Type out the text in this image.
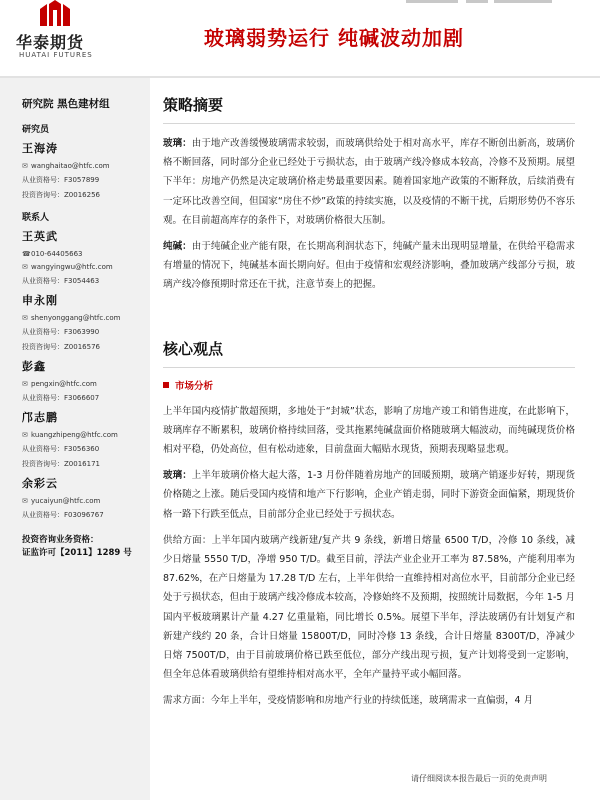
华泰期货
HUATAI FUTURES
玻璃弱势运行 纯碱波动加剧
研究院 黑色建材组
研究员
王海涛
✉ wanghaitao@htfc.com
从业资格号：F3057899
投资咨询号：Z0016256
联系人
王英武
☎ 010-64405663
✉ wangyingwu@htfc.com
从业资格号：F3054463
申永刚
✉ shenyonggang@htfc.com
从业资格号：F3063990
投资咨询号：Z0016576
彭鑫
✉ pengxin@htfc.com
从业资格号：F3066607
邝志鹏
✉ kuangzhipeng@htfc.com
从业资格号：F3056360
投资咨询号：Z0016171
余彩云
✉ yucaiyun@htfc.com
从业资格号：F03096767
投资咨询业务资格：
证监许可【2011】1289 号
策略摘要

玻璃：由于地产改善缓慢玻璃需求较弱，而玻璃供给处于相对高水平，库存不断创出新高，玻璃价格不断回落，同时部分企业已经处于亏损状态，由于玻璃产线冷修成本较高，冷修不及预期。展望下半年：房地产仍然是决定玻璃价格走势最重要因素。随着国家地产政策的不断释放，后续消费有一定环比改善空间，但国家“房住不炒”政策的持续实施，以及疫情的不断干扰，后期形势仍不容乐观。在目前超高库存的条件下，对玻璃价格很大压制。

纯碱：由于纯碱企业产能有限，在长期高利润状态下，纯碱产量未出现明显增量，在供给平稳需求有增量的情况下，纯碱基本面长期向好。但由于疫情和宏观经济影响，叠加玻璃产线部分亏损，玻璃产线冷修预期时常还在干扰，注意节奏上的把握。

核心观点
市场分析

上半年国内疫情扩散超预期，多地处于“封城”状态，影响了房地产竣工和销售进度，在此影响下，玻璃库存不断累积，玻璃价格持续回落，受其拖累纯碱盘面价格随玻璃大幅波动，而纯碱现货价格相对平稳，仍处高位，但有松动迹象，目前盘面大幅贴水现货，预期表现略显悲观。

玻璃：上半年玻璃价格大起大落，1-3 月份伴随着房地产的回暖预期，玻璃产销逐步好转，期现货价格随之上涨。随后受国内疫情和地产下行影响，企业产销走弱，同时下游资金面偏紧，期现货价格一路下行跌至低点，目前部分企业已经处于亏损状态。

供给方面：上半年国内玻璃产线新建/复产共 9 条线，新增日熔量 6500 T/D，冷修 10 条线，减少日熔量 5550 T/D，净增 950 T/D。截至目前，浮法产业企业开工率为 87.58%，产能利用率为 87.62%，在产日熔量为 17.28 T/D 左右，上半年供给一直维持相对高位水平，目前部分企业已经处于亏损状态，但由于玻璃产线冷修成本较高，冷修始终不及预期，按照统计局数据，今年 1-5 月国内平板玻璃累计产量 4.27 亿重量箱，同比增长 0.5%。展望下半年，浮法玻璃仍有计划复产和新建产线约 20 条，合计日熔量 15800T/D，同时冷修 13 条线，合计日熔量 8300T/D，净减少日熔 7500T/D，由于目前玻璃价格已跌至低位，部分产线出现亏损，复产计划将受到一定影响，但全年总体看玻璃供给有望维持相对高水平，全年产量持平或小幅回落。

需求方面：今年上半年，受疫情影响和房地产行业的持续低迷，玻璃需求一直偏弱，4 月

请仔细阅读本报告最后一页的免责声明
